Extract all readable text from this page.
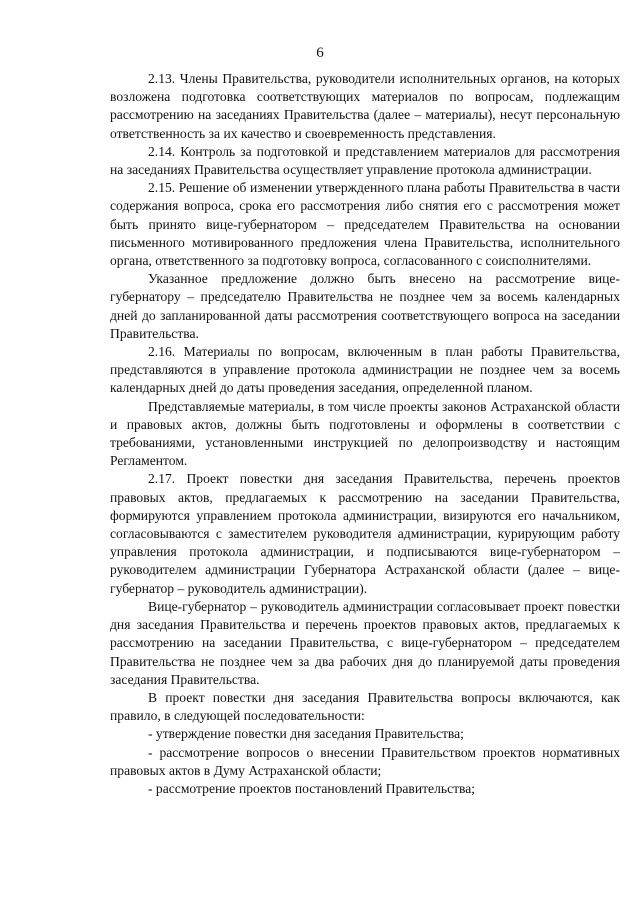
6

2.13. Члены Правительства, руководители исполнительных органов, на которых возложена подготовка соответствующих материалов по вопросам, подлежащим рассмотрению на заседаниях Правительства (далее – материалы), несут персональную ответственность за их качество и своевременность представления.

2.14. Контроль за подготовкой и представлением материалов для рассмотрения на заседаниях Правительства осуществляет управление протокола администрации.

2.15. Решение об изменении утвержденного плана работы Правительства в части содержания вопроса, срока его рассмотрения либо снятия его с рассмотрения может быть принято вице-губернатором – председателем Правительства на основании письменного мотивированного предложения члена Правительства, исполнительного органа, ответственного за подготовку вопроса, согласованного с соисполнителями.

Указанное предложение должно быть внесено на рассмотрение вице-губернатору – председателю Правительства не позднее чем за восемь календарных дней до запланированной даты рассмотрения соответствующего вопроса на заседании Правительства.

2.16. Материалы по вопросам, включенным в план работы Правительства, представляются в управление протокола администрации не позднее чем за восемь календарных дней до даты проведения заседания, определенной планом.

Представляемые материалы, в том числе проекты законов Астраханской области и правовых актов, должны быть подготовлены и оформлены в соответствии с требованиями, установленными инструкцией по делопроизводству и настоящим Регламентом.

2.17. Проект повестки дня заседания Правительства, перечень проектов правовых актов, предлагаемых к рассмотрению на заседании Правительства, формируются управлением протокола администрации, визируются его начальником, согласовываются с заместителем руководителя администрации, курирующим работу управления протокола администрации, и подписываются вице-губернатором – руководителем администрации Губернатора Астраханской области (далее – вице-губернатор – руководитель администрации).

Вице-губернатор – руководитель администрации согласовывает проект повестки дня заседания Правительства и перечень проектов правовых актов, предлагаемых к рассмотрению на заседании Правительства, с вице-губернатором – председателем Правительства не позднее чем за два рабочих дня до планируемой даты проведения заседания Правительства.

В проект повестки дня заседания Правительства вопросы включаются, как правило, в следующей последовательности:

- утверждение повестки дня заседания Правительства;

- рассмотрение вопросов о внесении Правительством проектов нормативных правовых актов в Думу Астраханской области;

- рассмотрение проектов постановлений Правительства;
